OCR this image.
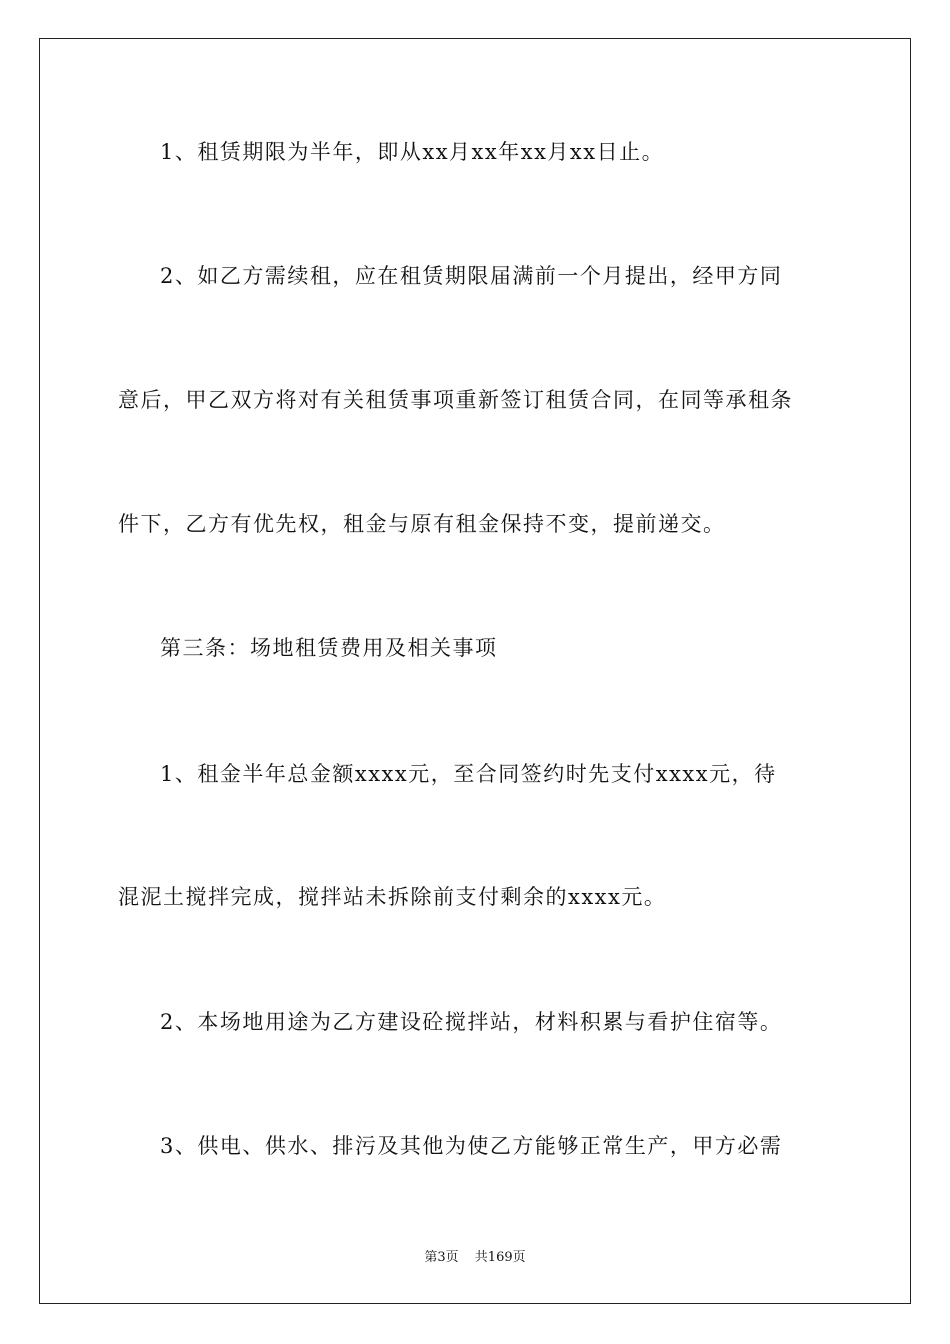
1、租赁期限为半年，即从xx月xx年xx月xx日止。
2、如乙方需续租，应在租赁期限届满前一个月提出，经甲方同
意后，甲乙双方将对有关租赁事项重新签订租赁合同，在同等承租条
件下，乙方有优先权，租金与原有租金保持不变，提前递交。
第三条：场地租赁费用及相关事项
1、租金半年总金额xxxx元，至合同签约时先支付xxxx元，待
混泥土搅拌完成，搅拌站未拆除前支付剩余的xxxx元。
2、本场地用途为乙方建设砼搅拌站，材料积累与看护住宿等。
3、供电、供水、排污及其他为使乙方能够正常生产，甲方必需
第3页 共169页
